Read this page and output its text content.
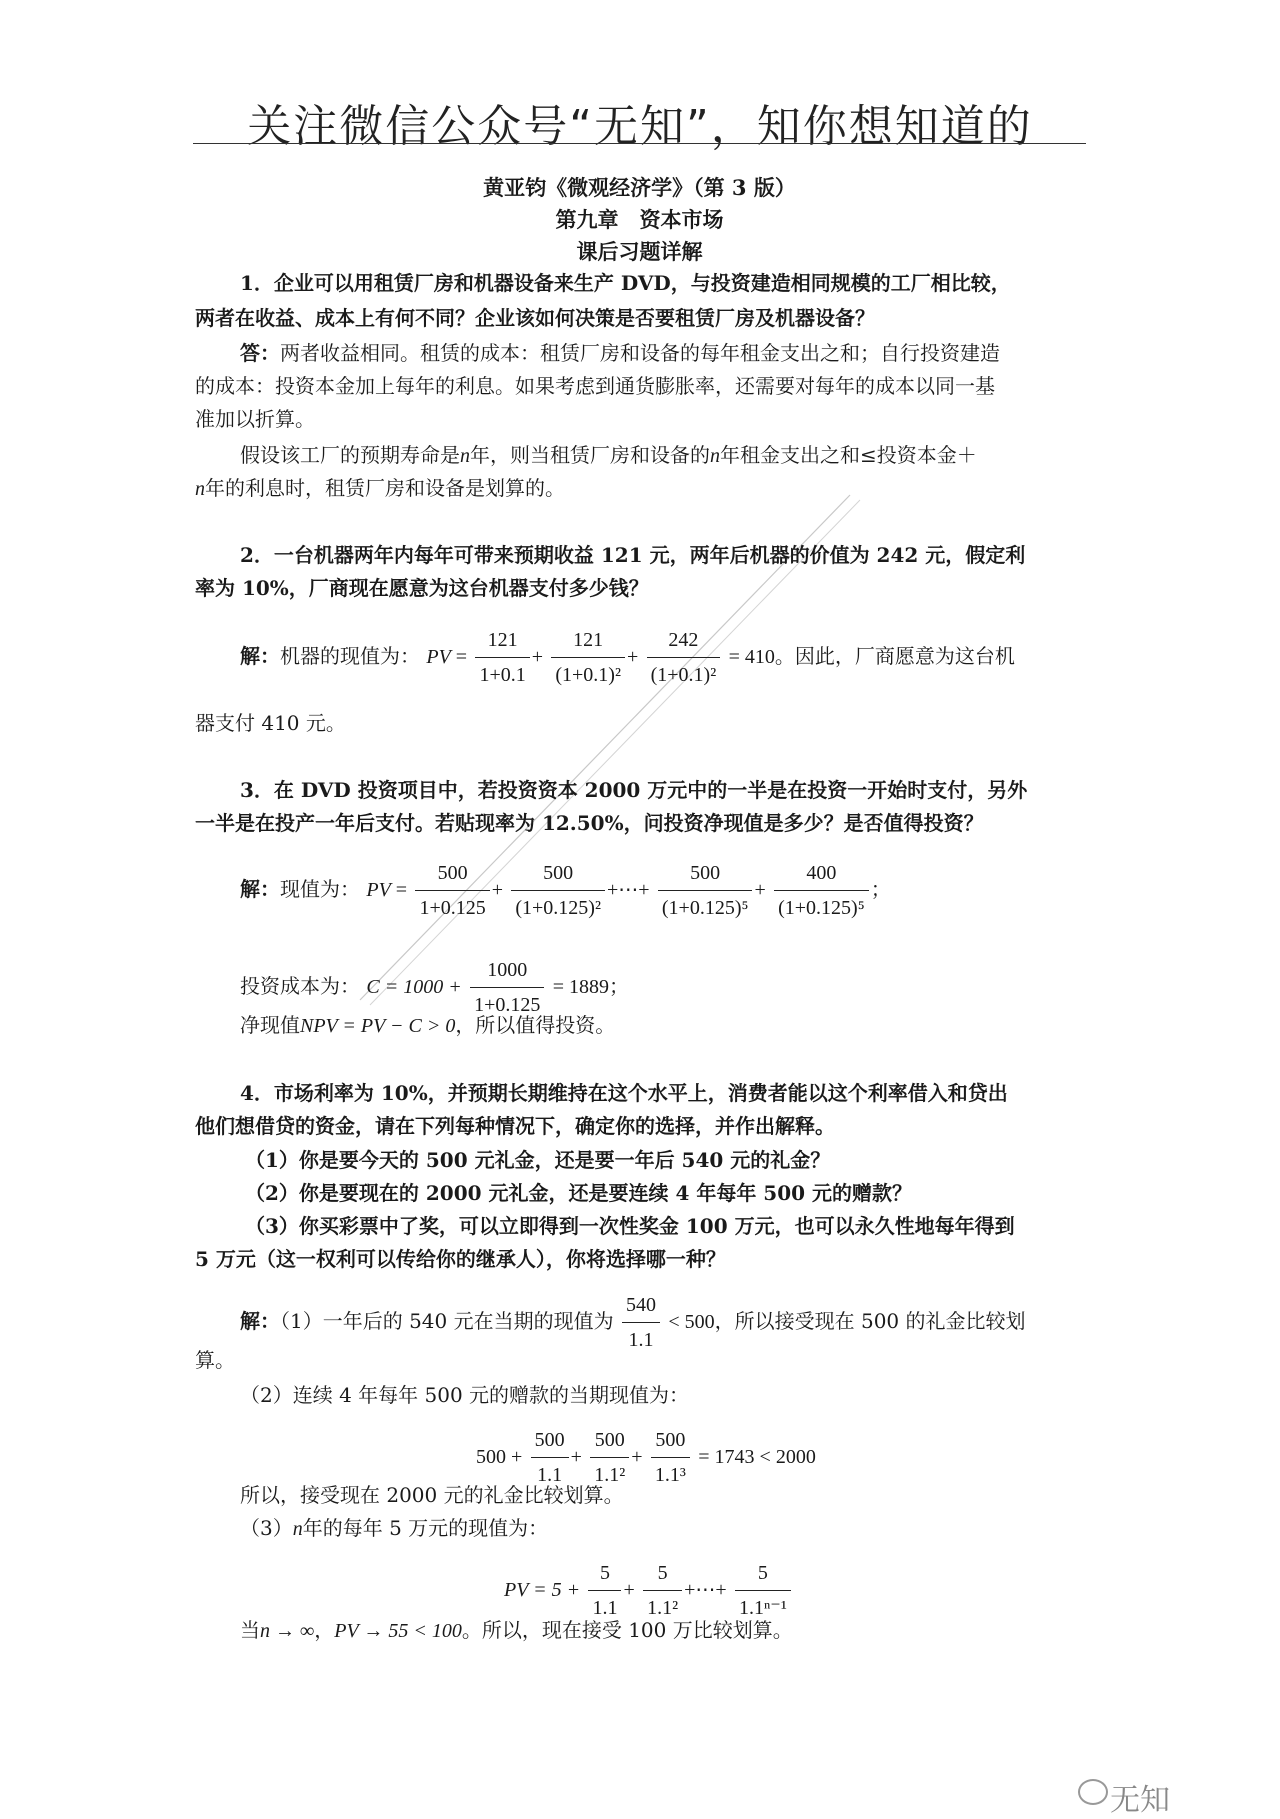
关注微信公众号“无知”，知你想知道的
黄亚钧《微观经济学》（第 3 版）
第九章　资本市场
课后习题详解
1．企业可以用租赁厂房和机器设备来生产 DVD，与投资建造相同规模的工厂相比较，
两者在收益、成本上有何不同？企业该如何决策是否要租赁厂房及机器设备？
答：两者收益相同。租赁的成本：租赁厂房和设备的每年租金支出之和；自行投资建造
的成本：投资本金加上每年的利息。如果考虑到通货膨胀率，还需要对每年的成本以同一基
准加以折算。
假设该工厂的预期寿命是n年，则当租赁厂房和设备的n年租金支出之和≤投资本金＋
n年的利息时，租赁厂房和设备是划算的。
2．一台机器两年内每年可带来预期收益 121 元，两年后机器的价值为 242 元，假定利
率为 10%，厂商现在愿意为这台机器支付多少钱？
解：机器的现值为： PV = $\frac{121}{1+0.1} + \frac{121}{\text{(1+0.1)²}} + \frac{242}{\text{(1+0.1)²}} = 410$。因此，厂商愿意为这台机
器支付 410 元。
3．在 DVD 投资项目中，若投资资本 2000 万元中的一半是在投资一开始时支付，另外
一半是在投产一年后支付。若贴现率为 12.50%，问投资净现值是多少？是否值得投资？
解：现值为： PV = $\frac{500}{1+0.125} + \frac{500}{\text{(1+0.125)²}}$ +⋯+ $\frac{500}{\text{(1+0.125)⁵}} + \frac{400}{\text{(1+0.125)⁵}}$ ；
投资成本为： $C = 1000 + \frac{1000}{1+0.125} = 1889$；
净现值NPV = PV − C > 0，所以值得投资。
4．市场利率为 10%，并预期长期维持在这个水平上，消费者能以这个利率借入和贷出
他们想借贷的资金，请在下列每种情况下，确定你的选择，并作出解释。
（1）你是要今天的 500 元礼金，还是要一年后 540 元的礼金？
（2）你是要现在的 2000 元礼金，还是要连续 4 年每年 500 元的赠款？
（3）你买彩票中了奖，可以立即得到一次性奖金 100 万元，也可以永久性地每年得到
5 万元（这一权利可以传给你的继承人），你将选择哪一种？
解：（1）一年后的 540 元在当期的现值为 $\frac{540}{1.1} < 500$，所以接受现在 500 的礼金比较划
算。
（2）连续 4 年每年 500 元的赠款的当期现值为：
$500 + \frac{500}{1.1} + \frac{500}{\text{1.1²}} + \frac{500}{\text{1.1³}} = 1743 < 2000$
所以，接受现在 2000 元的礼金比较划算。
（3）n年的每年 5 万元的现值为：
PV = $5 + \frac{5}{1.1} + \frac{5}{\text{1.1²}}$ +⋯+ $\frac{5}{\text{1.1ⁿ⁻¹}}$
当n → ∞，PV → 55 < 100。所以，现在接受 100 万比较划算。
无知
